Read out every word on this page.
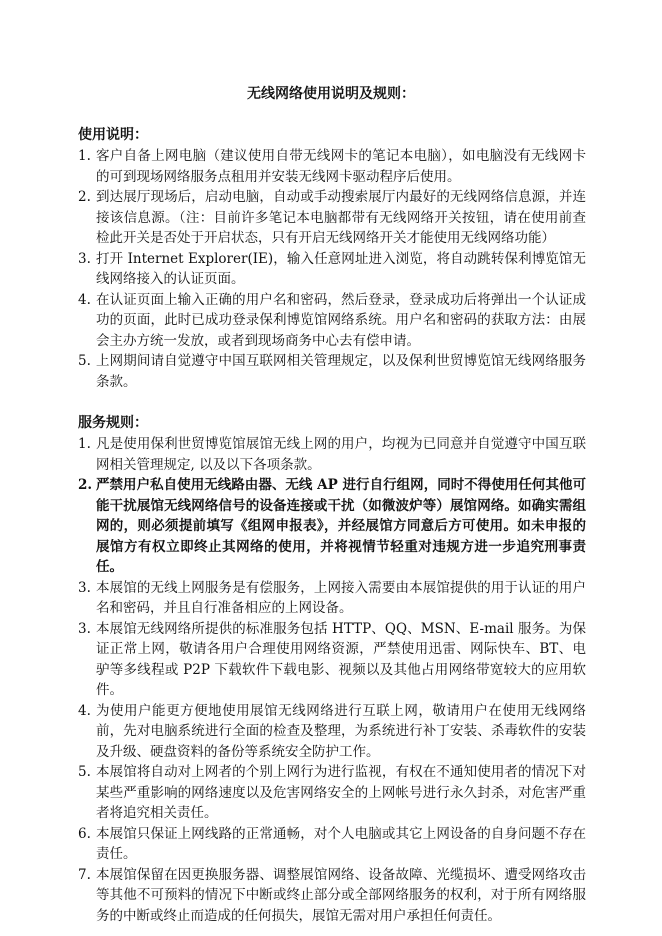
无线网络使用说明及规则：

使用说明：

1. 客户自备上网电脑（建议使用自带无线网卡的笔记本电脑），如电脑没有无线网卡的可到现场网络服务点租用并安装无线网卡驱动程序后使用。
2. 到达展厅现场后，启动电脑，自动或手动搜索展厅内最好的无线网络信息源，并连接该信息源。（注：目前许多笔记本电脑都带有无线网络开关按钮，请在使用前查检此开关是否处于开启状态，只有开启无线网络开关才能使用无线网络功能）
3. 打开 Internet Explorer(IE)，输入任意网址进入浏览，将自动跳转保利博览馆无线网络接入的认证页面。
4. 在认证页面上输入正确的用户名和密码，然后登录，登录成功后将弹出一个认证成功的页面，此时已成功登录保利博览馆网络系统。用户名和密码的获取方法：由展会主办方统一发放，或者到现场商务中心去有偿申请。
5. 上网期间请自觉遵守中国互联网相关管理规定，以及保利世贸博览馆无线网络服务条款。

服务规则：

1. 凡是使用保利世贸博览馆展馆无线上网的用户，均视为已同意并自觉遵守中国互联网相关管理规定, 以及以下各项条款。
2. 严禁用户私自使用无线路由器、无线 AP 进行自行组网，同时不得使用任何其他可能干扰展馆无线网络信号的设备连接或干扰（如微波炉等）展馆网络。如确实需组网的，则必须提前填写《组网申报表》，并经展馆方同意后方可使用。如未申报的展馆方有权立即终止其网络的使用，并将视情节轻重对违规方进一步追究刑事责任。
3. 本展馆的无线上网服务是有偿服务，上网接入需要由本展馆提供的用于认证的用户名和密码，并且自行准备相应的上网设备。
3. 本展馆无线网络所提供的标准服务包括 HTTP、QQ、MSN、E-mail 服务。为保证正常上网，敬请各用户合理使用网络资源，严禁使用迅雷、网际快车、BT、电驴等多线程或 P2P 下载软件下载电影、视频以及其他占用网络带宽较大的应用软件。
4. 为使用户能更方便地使用展馆无线网络进行互联上网，敬请用户在使用无线网络前，先对电脑系统进行全面的检查及整理，为系统进行补丁安装、杀毒软件的安装及升级、硬盘资料的备份等系统安全防护工作。
5. 本展馆将自动对上网者的个别上网行为进行监视，有权在不通知使用者的情况下对某些严重影响的网络速度以及危害网络安全的上网帐号进行永久封杀，对危害严重者将追究相关责任。
6. 本展馆只保证上网线路的正常通畅，对个人电脑或其它上网设备的自身问题不存在责任。
7. 本展馆保留在因更换服务器、调整展馆网络、设备故障、光缆损坏、遭受网络攻击等其他不可预料的情况下中断或终止部分或全部网络服务的权利，对于所有网络服务的中断或终止而造成的任何损失，展馆无需对用户承担任何责任。
